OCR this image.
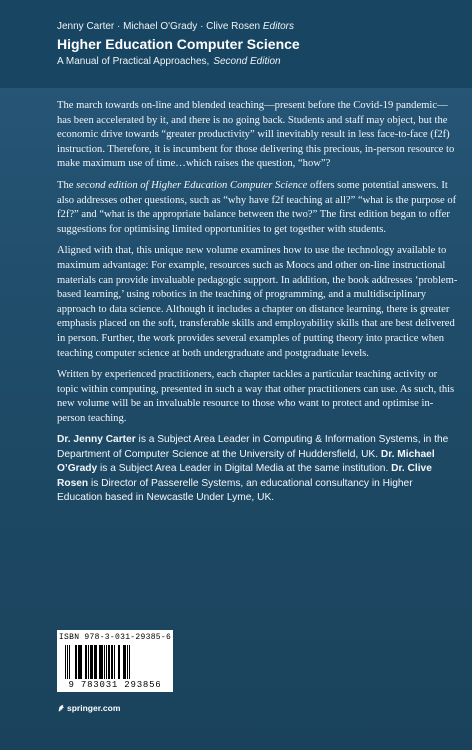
Jenny Carter · Michael O'Grady · Clive Rosen Editors
Higher Education Computer Science
A Manual of Practical Approaches, Second Edition

The march towards on-line and blended teaching—present before the Covid-19 pandemic—has been accelerated by it, and there is no going back. Students and staff may object, but the economic drive towards “greater productivity” will inevitably result in less face-to-face (f2f) instruction. Therefore, it is incumbent for those delivering this precious, in-person resource to make maximum use of time…which raises the question, “how”?

The second edition of Higher Education Computer Science offers some potential answers. It also addresses other questions, such as “why have f2f teaching at all?” “what is the purpose of f2f?” and “what is the appropriate balance between the two?” The first edition began to offer suggestions for optimising limited opportunities to get together with students.

Aligned with that, this unique new volume examines how to use the technology available to maximum advantage: For example, resources such as Moocs and other on-line instructional materials can provide invaluable pedagogic support. In addition, the book addresses ‘problem-based learning,’ using robotics in the teaching of programming, and a multidisciplinary approach to data science. Although it includes a chapter on distance learning, there is greater emphasis placed on the soft, transferable skills and employability skills that are best delivered in person. Further, the work provides several examples of putting theory into practice when teaching computer science at both undergraduate and postgraduate levels.

Written by experienced practitioners, each chapter tackles a particular teaching activity or topic within computing, presented in such a way that other practitioners can use. As such, this new volume will be an invaluable resource to those who want to protect and optimise in-person teaching.

Dr. Jenny Carter is a Subject Area Leader in Computing & Information Systems, in the Department of Computer Science at the University of Huddersfield, UK. Dr. Michael O’Grady is a Subject Area Leader in Digital Media at the same institution. Dr. Clive Rosen is Director of Passerelle Systems, an educational consultancy in Higher Education based in Newcastle Under Lyme, UK.

ISBN 978-3-031-29385-6
9 783031 293856
springer.com
